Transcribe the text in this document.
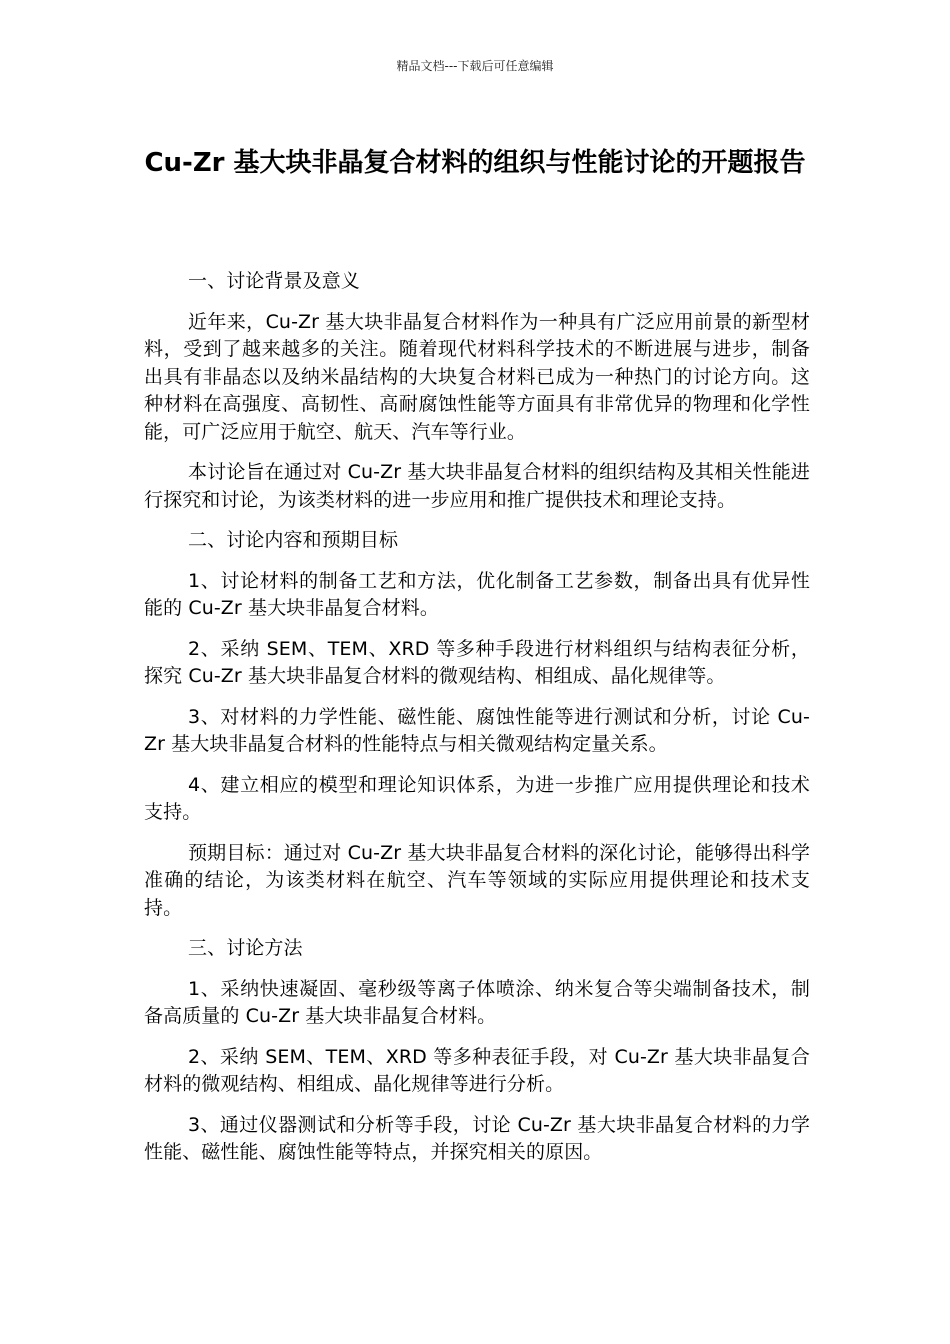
精品文档---下载后可任意编辑
Cu-Zr 基大块非晶复合材料的组织与性能讨论的开题报告

一、讨论背景及意义

近年来，Cu-Zr 基大块非晶复合材料作为一种具有广泛应用前景的新型材料，受到了越来越多的关注。随着现代材料科学技术的不断进展与进步，制备出具有非晶态以及纳米晶结构的大块复合材料已成为一种热门的讨论方向。这种材料在高强度、高韧性、高耐腐蚀性能等方面具有非常优异的物理和化学性能，可广泛应用于航空、航天、汽车等行业。

本讨论旨在通过对 Cu-Zr 基大块非晶复合材料的组织结构及其相关性能进行探究和讨论，为该类材料的进一步应用和推广提供技术和理论支持。

二、讨论内容和预期目标

1、讨论材料的制备工艺和方法，优化制备工艺参数，制备出具有优异性能的 Cu-Zr 基大块非晶复合材料。

2、采纳 SEM、TEM、XRD 等多种手段进行材料组织与结构表征分析，探究 Cu-Zr 基大块非晶复合材料的微观结构、相组成、晶化规律等。

3、对材料的力学性能、磁性能、腐蚀性能等进行测试和分析，讨论 Cu-Zr 基大块非晶复合材料的性能特点与相关微观结构定量关系。

4、建立相应的模型和理论知识体系，为进一步推广应用提供理论和技术支持。

预期目标：通过对 Cu-Zr 基大块非晶复合材料的深化讨论，能够得出科学准确的结论，为该类材料在航空、汽车等领域的实际应用提供理论和技术支持。

三、讨论方法

1、采纳快速凝固、毫秒级等离子体喷涂、纳米复合等尖端制备技术，制备高质量的 Cu-Zr 基大块非晶复合材料。

2、采纳 SEM、TEM、XRD 等多种表征手段，对 Cu-Zr 基大块非晶复合材料的微观结构、相组成、晶化规律等进行分析。

3、通过仪器测试和分析等手段，讨论 Cu-Zr 基大块非晶复合材料的力学性能、磁性能、腐蚀性能等特点，并探究相关的原因。
